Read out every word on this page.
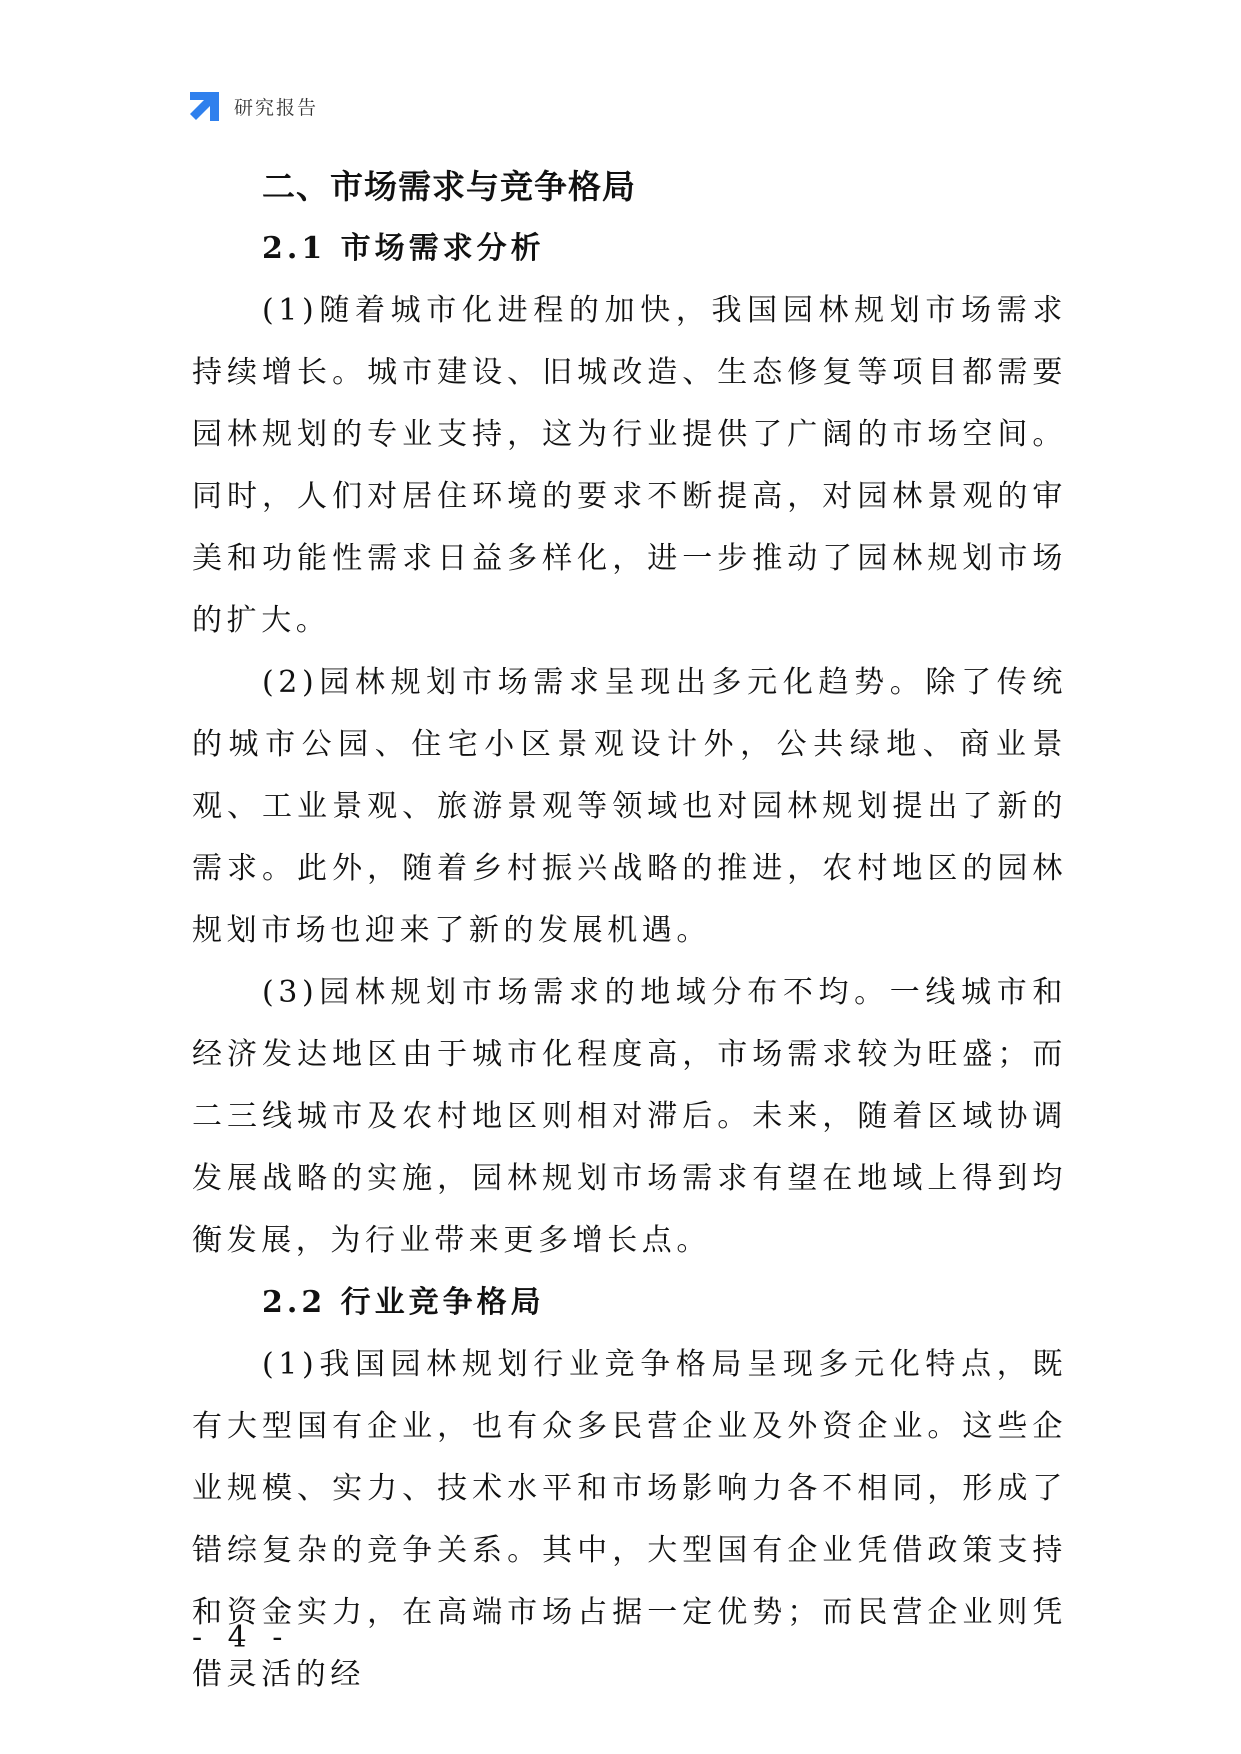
研究报告
二、市场需求与竞争格局
2.1 市场需求分析

(1)随着城市化进程的加快，我国园林规划市场需求持续增长。城市建设、旧城改造、生态修复等项目都需要园林规划的专业支持，这为行业提供了广阔的市场空间。同时，人们对居住环境的要求不断提高，对园林景观的审美和功能性需求日益多样化，进一步推动了园林规划市场的扩大。

(2)园林规划市场需求呈现出多元化趋势。除了传统的城市公园、住宅小区景观设计外，公共绿地、商业景观、工业景观、旅游景观等领域也对园林规划提出了新的需求。此外，随着乡村振兴战略的推进，农村地区的园林规划市场也迎来了新的发展机遇。

(3)园林规划市场需求的地域分布不均。一线城市和经济发达地区由于城市化程度高，市场需求较为旺盛；而二三线城市及农村地区则相对滞后。未来，随着区域协调发展战略的实施，园林规划市场需求有望在地域上得到均衡发展，为行业带来更多增长点。

2.2 行业竞争格局

(1)我国园林规划行业竞争格局呈现多元化特点，既有大型国有企业，也有众多民营企业及外资企业。这些企业规模、实力、技术水平和市场影响力各不相同，形成了错综复杂的竞争关系。其中，大型国有企业凭借政策支持和资金实力，在高端市场占据一定优势；而民营企业则凭借灵活的经

- 4 -
